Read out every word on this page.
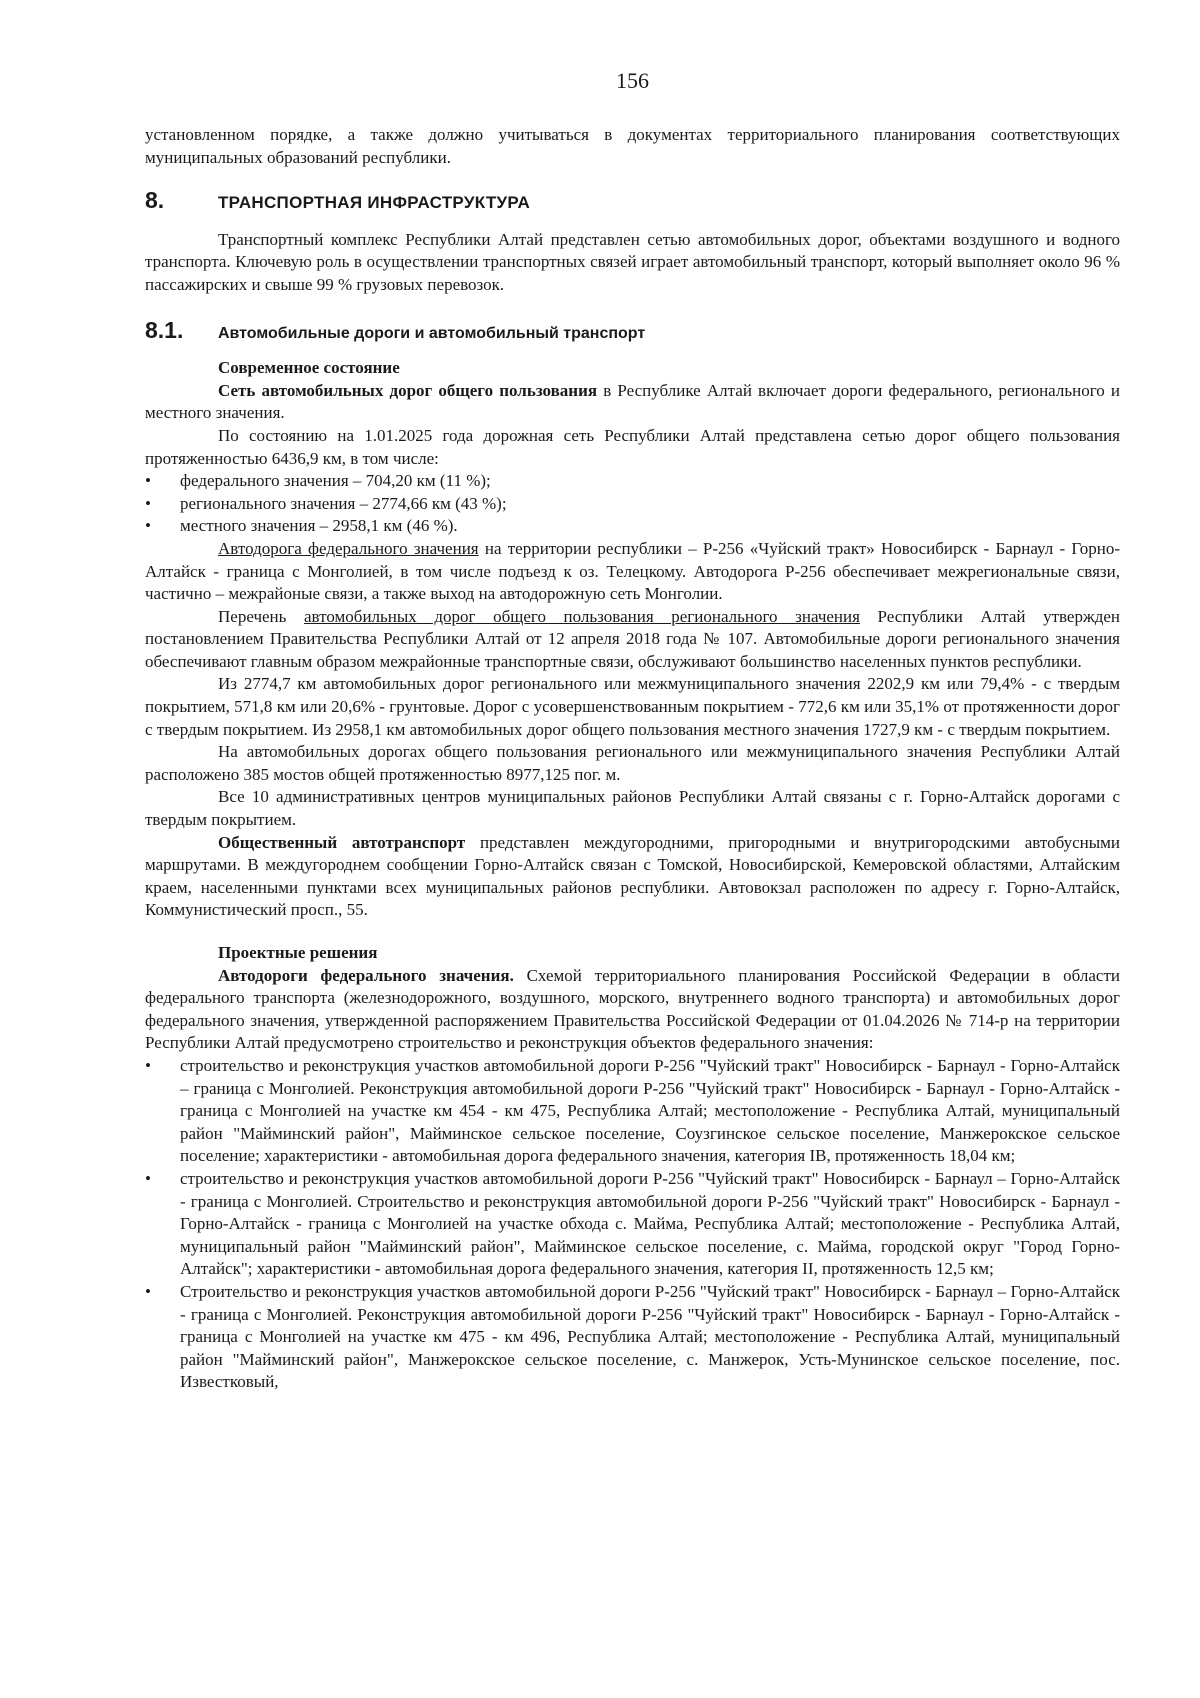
156

установленном порядке, а также должно учитываться в документах территориального планирования соответствующих муниципальных образований республики.

8.	ТРАНСПОРТНАЯ ИНФРАСТРУКТУРА

Транспортный комплекс Республики Алтай представлен сетью автомобильных дорог, объектами воздушного и водного транспорта. Ключевую роль в осуществлении транспортных связей играет автомобильный транспорт, который выполняет около 96 % пассажирских и свыше 99 % грузовых перевозок.

8.1.	Автомобильные дороги и автомобильный транспорт
Современное состояние

Сеть автомобильных дорог общего пользования в Республике Алтай включает дороги федерального, регионального и местного значения.

По состоянию на 1.01.2025 года дорожная сеть Республики Алтай представлена сетью дорог общего пользования протяженностью 6436,9 км, в том числе:

• федерального значения – 704,20 км (11 %);
• регионального значения – 2774,66 км (43 %);
• местного значения – 2958,1 км (46 %).

Автодорога федерального значения на территории республики – Р-256 «Чуйский тракт» Новосибирск - Барнаул - Горно-Алтайск - граница с Монголией, в том числе подъезд к оз. Телецкому. Автодорога Р-256 обеспечивает межрегиональные связи, частично – межрайоные связи, а также выход на автодорожную сеть Монголии.

Перечень автомобильных дорог общего пользования регионального значения Республики Алтай утвержден постановлением Правительства Республики Алтай от 12 апреля 2018 года № 107. Автомобильные дороги регионального значения обеспечивают главным образом межрайонные транспортные связи, обслуживают большинство населенных пунктов республики.

Из 2774,7 км автомобильных дорог регионального или межмуниципального значения 2202,9 км или 79,4% - с твердым покрытием, 571,8 км или 20,6% - грунтовые. Дорог с усовершенствованным покрытием - 772,6 км или 35,1% от протяженности дорог с твердым покрытием. Из 2958,1 км автомобильных дорог общего пользования местного значения 1727,9 км - с твердым покрытием.

На автомобильных дорогах общего пользования регионального или межмуниципального значения Республики Алтай расположено 385 мостов общей протяженностью 8977,125 пог. м.

Все 10 административных центров муниципальных районов Республики Алтай связаны с г. Горно-Алтайск дорогами с твердым покрытием.

Общественный автотранспорт представлен междугородними, пригородными и внутригородскими автобусными маршрутами. В междугороднем сообщении Горно-Алтайск связан с Томской, Новосибирской, Кемеровской областями, Алтайским краем, населенными пунктами всех муниципальных районов республики. Автовокзал расположен по адресу г. Горно-Алтайск, Коммунистический просп., 55.

Проектные решения

Автодороги федерального значения. Схемой территориального планирования Российской Федерации в области федерального транспорта (железнодорожного, воздушного, морского, внутреннего водного транспорта) и автомобильных дорог федерального значения, утвержденной распоряжением Правительства Российской Федерации от 01.04.2026 № 714-р на территории Республики Алтай предусмотрено строительство и реконструкция объектов федерального значения:

• строительство и реконструкция участков автомобильной дороги Р-256 "Чуйский тракт" Новосибирск - Барнаул - Горно-Алтайск – граница с Монголией. Реконструкция автомобильной дороги Р-256 "Чуйский тракт" Новосибирск - Барнаул - Горно-Алтайск - граница с Монголией на участке км 454 - км 475, Республика Алтай; местоположение - Республика Алтай, муниципальный район "Майминский район", Майминское сельское поселение, Соузгинское сельское поселение, Манжерокское сельское поселение; характеристики - автомобильная дорога федерального значения, категория IB, протяженность 18,04 км;
• строительство и реконструкция участков автомобильной дороги Р-256 "Чуйский тракт" Новосибирск - Барнаул – Горно-Алтайск - граница с Монголией. Строительство и реконструкция автомобильной дороги Р-256 "Чуйский тракт" Новосибирск - Барнаул - Горно-Алтайск - граница с Монголией на участке обхода с. Майма, Республика Алтай; местоположение - Республика Алтай, муниципальный район "Майминский район", Майминское сельское поселение, с. Майма, городской округ "Город Горно-Алтайск"; характеристики - автомобильная дорога федерального значения, категория II, протяженность 12,5 км;
• Строительство и реконструкция участков автомобильной дороги Р-256 "Чуйский тракт" Новосибирск - Барнаул – Горно-Алтайск - граница с Монголией. Реконструкция автомобильной дороги Р-256 "Чуйский тракт" Новосибирск - Барнаул - Горно-Алтайск - граница с Монголией на участке км 475 - км 496, Республика Алтай; местоположение - Республика Алтай, муниципальный район "Майминский район", Манжерокское сельское поселение, с. Манжерок, Усть-Мунинское сельское поселение, пос. Известковый,
